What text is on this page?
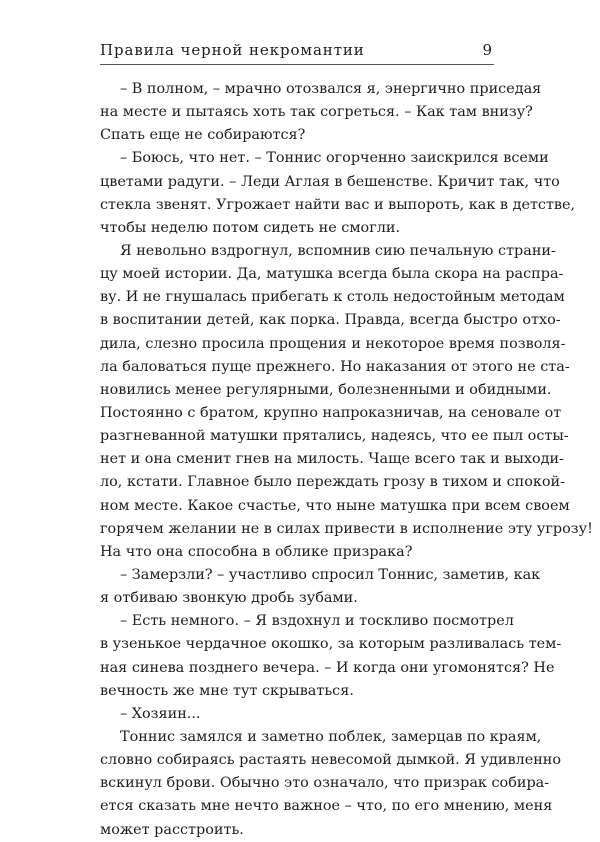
Правила черной некромантии	9
– В полном, – мрачно отозвался я, энергично приседая
на месте и пытаясь хоть так согреться. – Как там внизу?
Спать еще не собираются?
– Боюсь, что нет. – Тоннис огорченно заискрился всеми
цветами радуги. – Леди Аглая в бешенстве. Кричит так, что
стекла звенят. Угрожает найти вас и выпороть, как в детстве,
чтобы неделю потом сидеть не смогли.
Я невольно вздрогнул, вспомнив сию печальную страни-
цу моей истории. Да, матушка всегда была скора на распра-
ву. И не гнушалась прибегать к столь недостойным методам
в воспитании детей, как порка. Правда, всегда быстро отхо-
дила, слезно просила прощения и некоторое время позволя-
ла баловаться пуще прежнего. Но наказания от этого не ста-
новились менее регулярными, болезненными и обидными.
Постоянно с братом, крупно напроказничав, на сеновале от
разгневанной матушки прятались, надеясь, что ее пыл осты-
нет и она сменит гнев на милость. Чаще всего так и выходи-
ло, кстати. Главное было переждать грозу в тихом и спокой-
ном месте. Какое счастье, что ныне матушка при всем своем
горячем желании не в силах привести в исполнение эту угрозу!
На что она способна в облике призрака?
– Замерзли? – участливо спросил Тоннис, заметив, как
я отбиваю звонкую дробь зубами.
– Есть немного. – Я вздохнул и тоскливо посмотрел
в узенькое чердачное окошко, за которым разливалась тем-
ная синева позднего вечера. – И когда они угомонятся? Не
вечность же мне тут скрываться.
– Хозяин...
Тоннис замялся и заметно поблек, замерцав по краям,
словно собираясь растаять невесомой дымкой. Я удивленно
вскинул брови. Обычно это означало, что призрак собира-
ется сказать мне нечто важное – что, по его мнению, меня
может расстроить.
